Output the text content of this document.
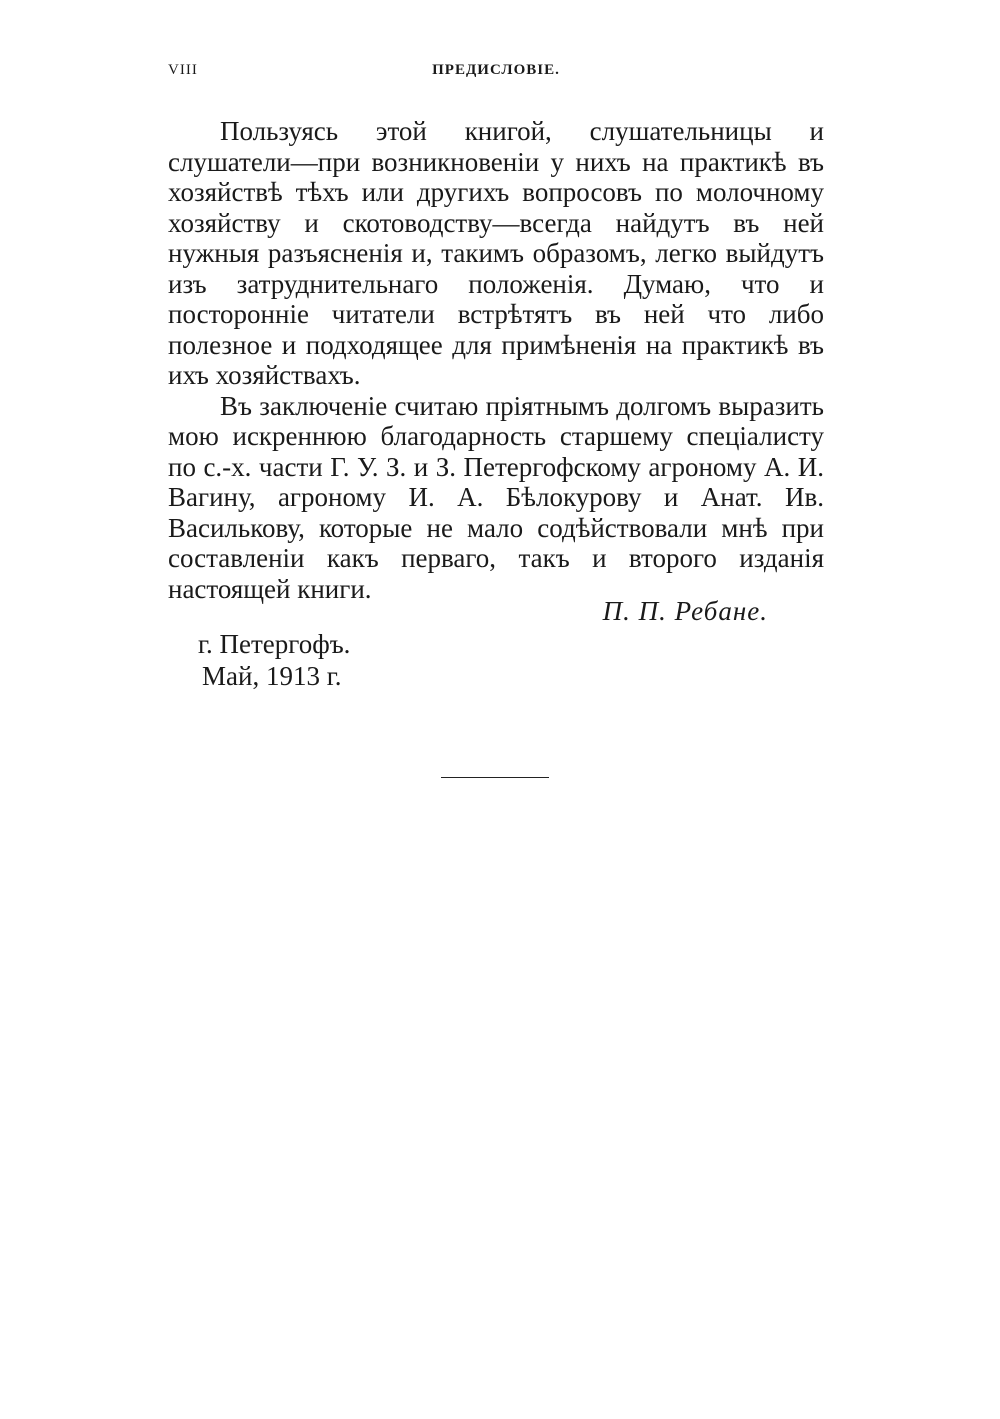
VIII	ПРЕДИСЛОВІЕ.

Пользуясь этой книгой, слушательницы и слушатели—при возникновеніи у нихъ на практикѣ въ хозяйствѣ тѣхъ или другихъ вопросовъ по молочному хозяйству и скотоводству—всегда найдутъ въ ней нужныя разъясненія и, такимъ образомъ, легко выйдутъ изъ затруднительнаго положенія. Думаю, что и посторонніе читатели встрѣтятъ въ ней что либо полезное и подходящее для примѣненія на практикѣ въ ихъ хозяйствахъ.

Въ заключеніе считаю пріятнымъ долгомъ выразить мою искреннюю благодарность старшему спеціалисту по с.-х. части Г. У. З. и З. Петергофскому агроному А. И. Вагину, агроному И. А. Бѣлокурову и Анат. Ив. Василькову, которые не мало содѣйствовали мнѣ при составленіи какъ перваго, такъ и второго изданія настоящей книги.

П. П. Ребане.
г. Петергофъ.
Май, 1913 г.
